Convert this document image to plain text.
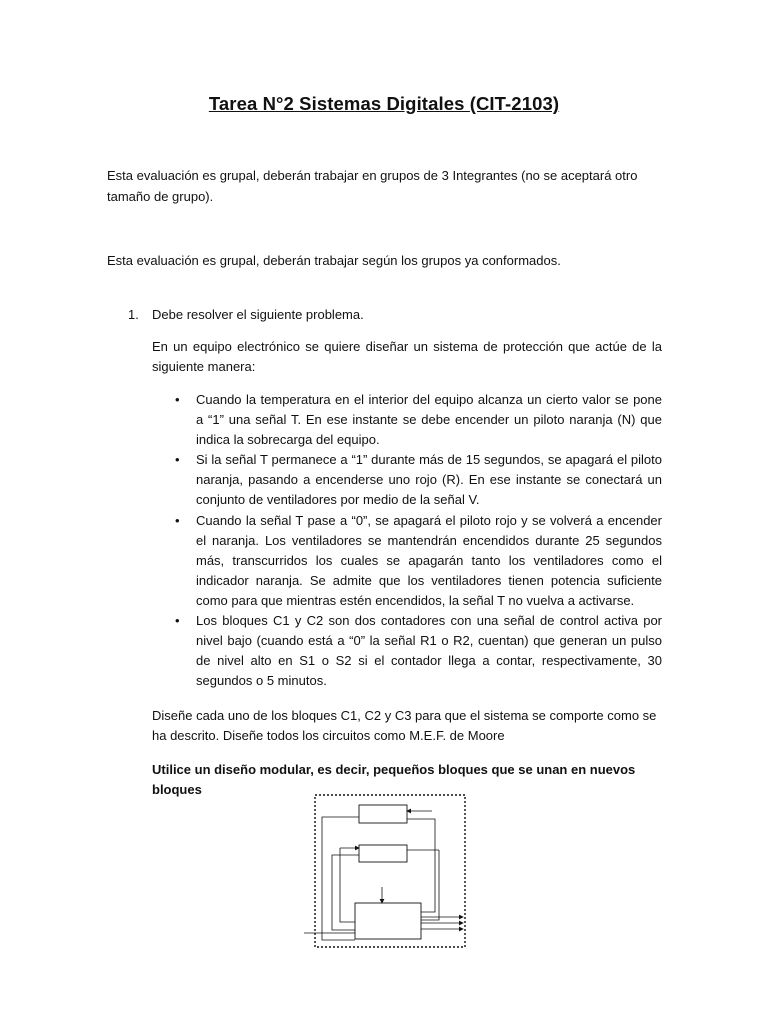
Tarea N°2 Sistemas Digitales (CIT-2103)

Esta evaluación es grupal, deberán trabajar en grupos de 3 Integrantes (no se aceptará otro tamaño de grupo).

Esta evaluación es grupal, deberán trabajar según los grupos ya conformados.

1. Debe resolver el siguiente problema.

En un equipo electrónico se quiere diseñar un sistema de protección que actúe de la siguiente manera:

• Cuando la temperatura en el interior del equipo alcanza un cierto valor se pone a “1” una señal T. En ese instante se debe encender un piloto naranja (N) que indica la sobrecarga del equipo.
• Si la señal T permanece a “1” durante más de 15 segundos, se apagará el piloto naranja, pasando a encenderse uno rojo (R). En ese instante se conectará un conjunto de ventiladores por medio de la señal V.
• Cuando la señal T pase a “0”, se apagará el piloto rojo y se volverá a encender el naranja. Los ventiladores se mantendrán encendidos durante 25 segundos más, transcurridos los cuales se apagarán tanto los ventiladores como el indicador naranja. Se admite que los ventiladores tienen potencia suficiente como para que mientras estén encendidos, la señal T no vuelva a activarse.
• Los bloques C1 y C2 son dos contadores con una señal de control activa por nivel bajo (cuando está a “0” la señal R1 o R2, cuentan) que generan un pulso de nivel alto en S1 o S2 si el contador llega a contar, respectivamente, 30 segundos o 5 minutos.

Diseñe cada uno de los bloques C1, C2 y C3 para que el sistema se comporte como se ha descrito. Diseñe todos los circuitos como M.E.F. de Moore

Utilice un diseño modular, es decir, pequeños bloques que se unan en nuevos bloques
